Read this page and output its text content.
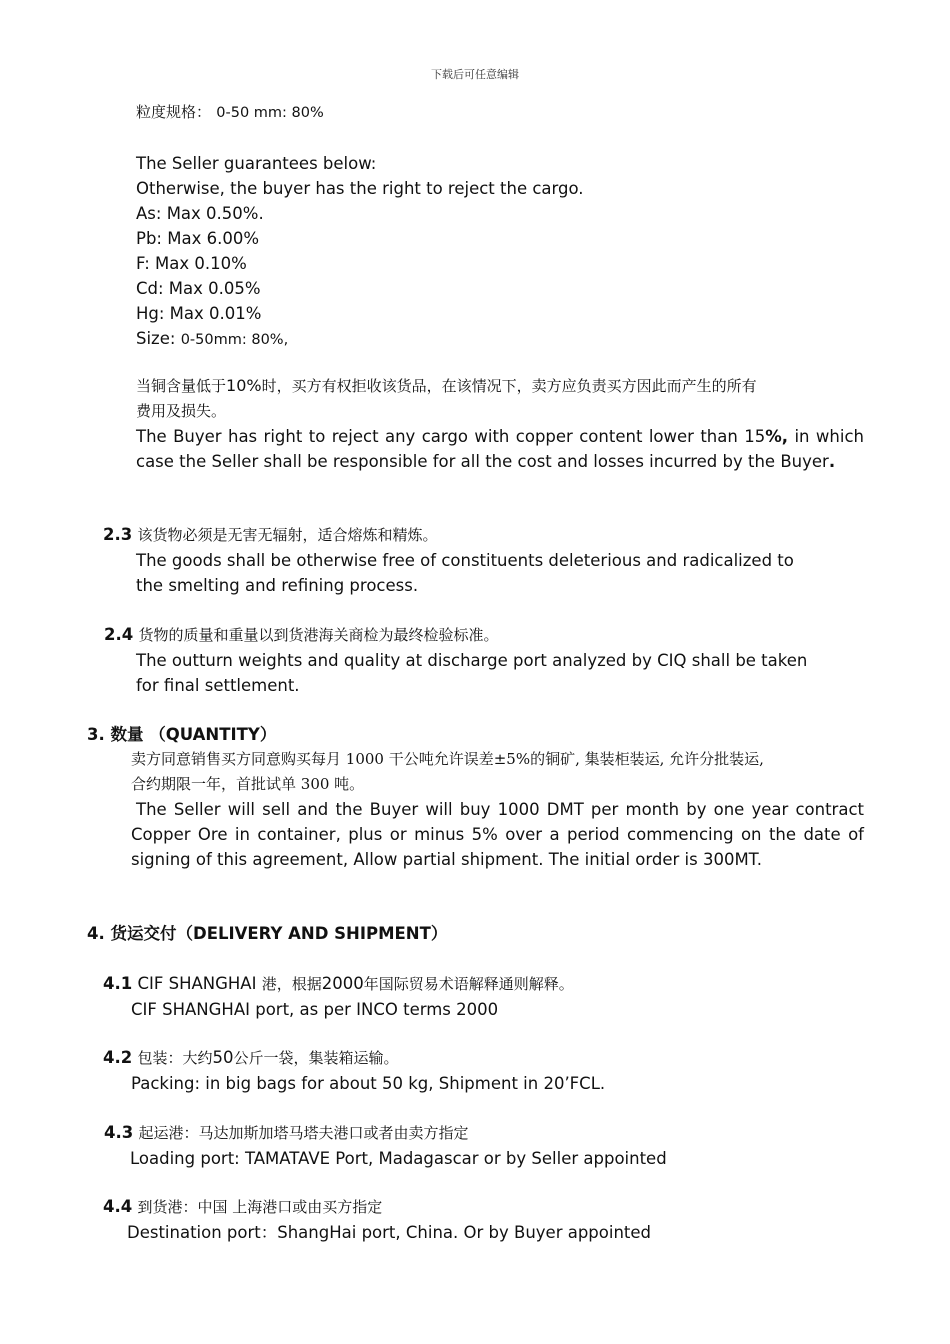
下载后可任意编辑
粒度规格： 0-50 mm: 80%
The Seller guarantees below:
Otherwise, the buyer has the right to reject the cargo.
As: Max 0.50%.
Pb: Max 6.00%
F: Max 0.10%
Cd: Max 0.05%
Hg: Max 0.01%
Size: 0-50mm: 80%,
当铜含量低于10%时，买方有权拒收该货品，在该情况下，卖方应负责买方因此而产生的所有
费用及损失。
The Buyer has right to reject any cargo with copper content lower than 15%, in which case the Seller shall be responsible for all the cost and losses incurred by the Buyer.
2.3 该货物必须是无害无辐射，适合熔炼和精炼。
The goods shall be otherwise free of constituents deleterious and radicalized to
the smelting and refining process.
2.4 货物的质量和重量以到货港海关商检为最终检验标准。
The outturn weights and quality at discharge port analyzed by CIQ shall be taken
for final settlement.
3. 数量 （QUANTITY）
卖方同意销售买方同意购买每月 1000 干公吨允许误差±5%的铜矿, 集装柜装运, 允许分批装运,
合约期限一年，首批试单 300 吨。
The Seller will sell and the Buyer will buy 1000 DMT per month by one year contract Copper Ore in container, plus or minus 5% over a period commencing on the date of signing of this agreement, Allow partial shipment. The initial order is 300MT.
4. 货运交付（DELIVERY AND SHIPMENT）
4.1 CIF SHANGHAI 港，根据2000年国际贸易术语解释通则解释。
CIF SHANGHAI port, as per INCO terms 2000
4.2 包装：大约50公斤一袋，集装箱运输。
Packing: in big bags for about 50 kg, Shipment in 20’FCL.
4.3 起运港：马达加斯加塔马塔夫港口或者由卖方指定
Loading port: TAMATAVE Port, Madagascar or by Seller appointed
4.4 到货港：中国 上海港口或由买方指定
Destination port：ShangHai port, China. Or by Buyer appointed
